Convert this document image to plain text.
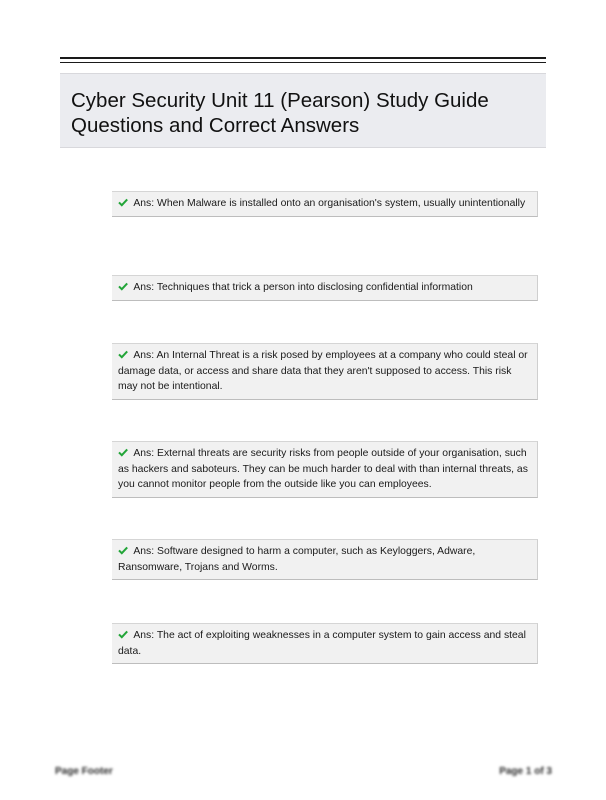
Cyber Security Unit 11 (Pearson) Study Guide
Questions and Correct Answers
Ans: When Malware is installed onto an organisation's system, usually unintentionally
Ans: Techniques that trick a person into disclosing confidential information
Ans: An Internal Threat is a risk posed by employees at a company who could steal or damage data, or access and share data that they aren't supposed to access. This risk may not be intentional.
Ans: External threats are security risks from people outside of your organisation, such as hackers and saboteurs. They can be much harder to deal with than internal threats, as you cannot monitor people from the outside like you can employees.
Ans: Software designed to harm a computer, such as Keyloggers, Adware, Ransomware, Trojans and Worms.
Ans: The act of exploiting weaknesses in a computer system to gain access and steal data.
Page Footer	Page 1 of 3
